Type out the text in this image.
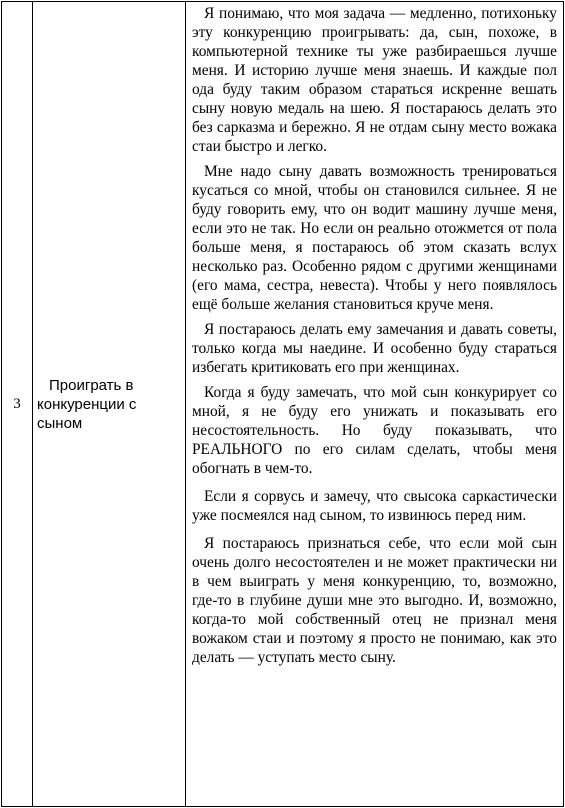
3
Проиграть в конкуренции с сыном

Я понимаю, что моя задача — медленно, потихоньку эту конкуренцию проигрывать: да, сын, похоже, в компьютерной технике ты уже разбираешься лучше меня. И историю лучше меня знаешь. И каждые пол ода буду таким образом стараться искренне вешать сыну новую медаль на шею. Я постараюсь делать это без сарказма и бережно. Я не отдам сыну место вожака стаи быстро и легко.

Мне надо сыну давать возможность тренироваться кусаться со мной, чтобы он становился сильнее. Я не буду говорить ему, что он водит машину лучше меня, если это не так. Но если он реально отожмется от пола больше меня, я постараюсь об этом сказать вслух несколько раз. Особенно рядом с другими женщинами (его мама, сестра, невеста). Чтобы у него появлялось ещё больше желания становиться круче меня.

Я постараюсь делать ему замечания и давать советы, только когда мы наедине. И особенно буду стараться избегать критиковать его при женщинах.

Когда я буду замечать, что мой сын конкурирует со мной, я не буду его унижать и показывать его несостоятельность. Но буду показывать, что РЕАЛЬНОГО по его силам сделать, чтобы меня обогнать в чем-то.

Если я сорвусь и замечу, что свысока саркастически уже посмеялся над сыном, то извинюсь перед ним.

Я постараюсь признаться себе, что если мой сын очень долго несостоятелен и не может практически ни в чем выиграть у меня конкуренцию, то, возможно, где-то в глубине души мне это выгодно. И, возможно, когда-то мой собственный отец не признал меня вожаком стаи и поэтому я просто не понимаю, как это делать — уступать место сыну.
